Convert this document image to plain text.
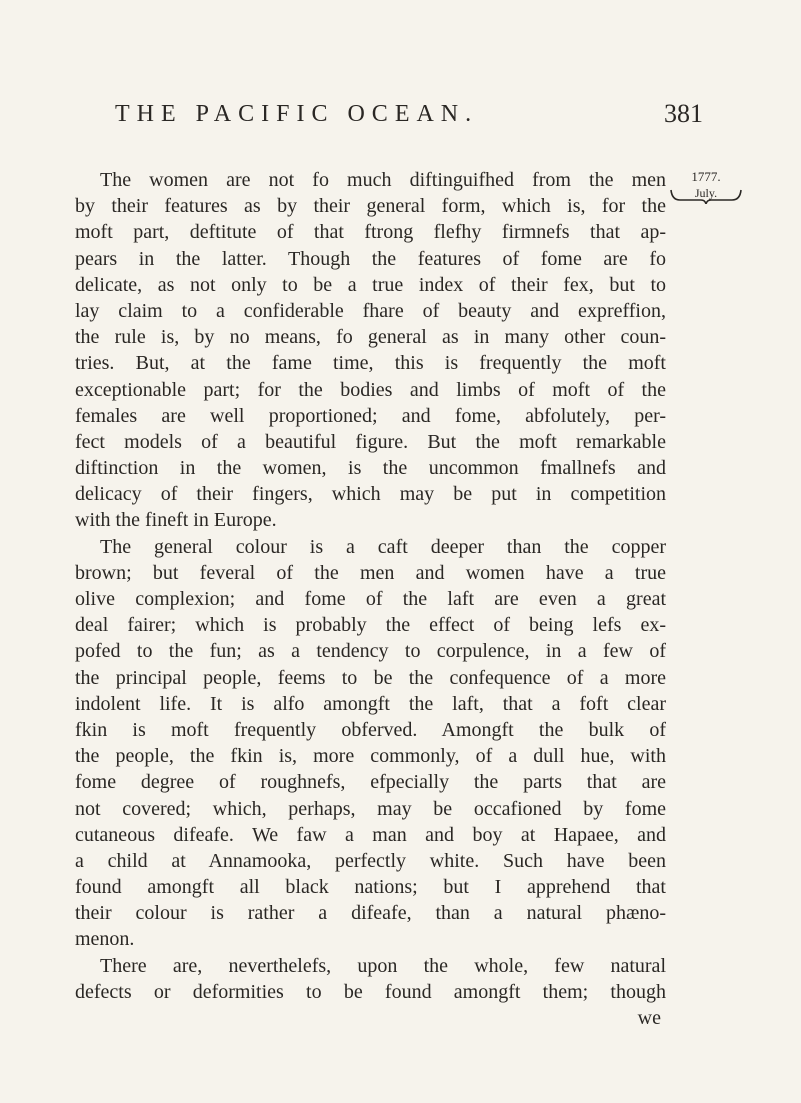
THE PACIFIC OCEAN.	381
1777.
July.
The women are not fo much diftinguifhed from the men
by their features as by their general form, which is, for the
moft part, deftitute of that ftrong flefhy firmnefs that ap-
pears in the latter. Though the features of fome are fo
delicate, as not only to be a true index of their fex, but to
lay claim to a confiderable fhare of beauty and expreffion,
the rule is, by no means, fo general as in many other coun-
tries. But, at the fame time, this is frequently the moft
exceptionable part; for the bodies and limbs of moft of the
females are well proportioned; and fome, abfolutely, per-
fect models of a beautiful figure. But the moft remarkable
diftinction in the women, is the uncommon fmallnefs and
delicacy of their fingers, which may be put in competition
with the fineft in Europe.
The general colour is a caft deeper than the copper
brown; but feveral of the men and women have a true
olive complexion; and fome of the laft are even a great
deal fairer; which is probably the effect of being lefs ex-
pofed to the fun; as a tendency to corpulence, in a few of
the principal people, feems to be the confequence of a more
indolent life. It is alfo amongft the laft, that a foft clear
fkin is moft frequently obferved. Amongft the bulk of
the people, the fkin is, more commonly, of a dull hue, with
fome degree of roughnefs, efpecially the parts that are
not covered; which, perhaps, may be occafioned by fome
cutaneous difeafe. We faw a man and boy at Hapaee, and
a child at Annamooka, perfectly white. Such have been
found amongft all black nations; but I apprehend that
their colour is rather a difeafe, than a natural phæno-
menon.
There are, neverthelefs, upon the whole, few natural
defects or deformities to be found amongft them; though
we
